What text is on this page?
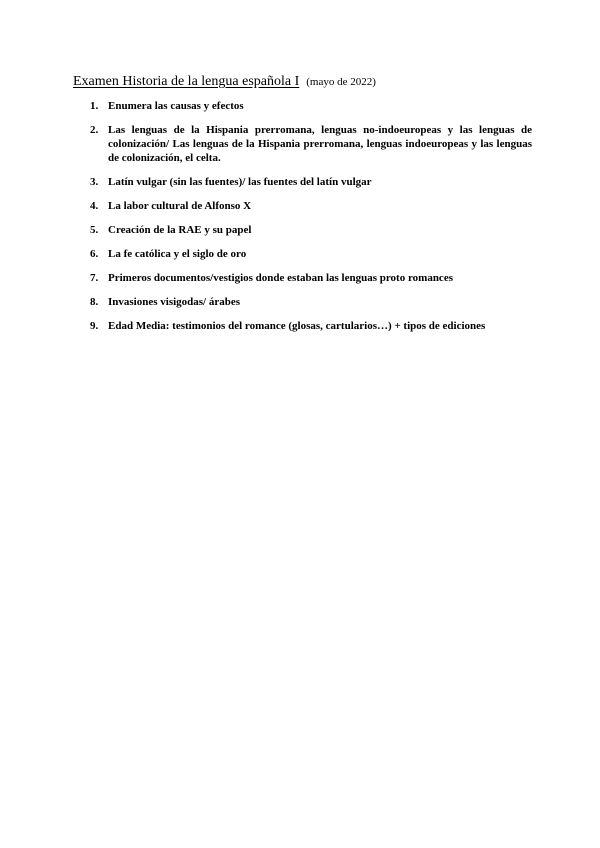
Examen Historia de la lengua española I (mayo de 2022)
1. Enumera las causas y efectos
2. Las lenguas de la Hispania prerromana, lenguas no-indoeuropeas y las lenguas de colonización/ Las lenguas de la Hispania prerromana, lenguas indoeuropeas y las lenguas de colonización, el celta.
3. Latín vulgar (sin las fuentes)/ las fuentes del latín vulgar
4. La labor cultural de Alfonso X
5. Creación de la RAE y su papel
6. La fe católica y el siglo de oro
7. Primeros documentos/vestigios donde estaban las lenguas proto romances
8. Invasiones visigodas/ árabes
9. Edad Media: testimonios del romance (glosas, cartularios…) + tipos de ediciones
